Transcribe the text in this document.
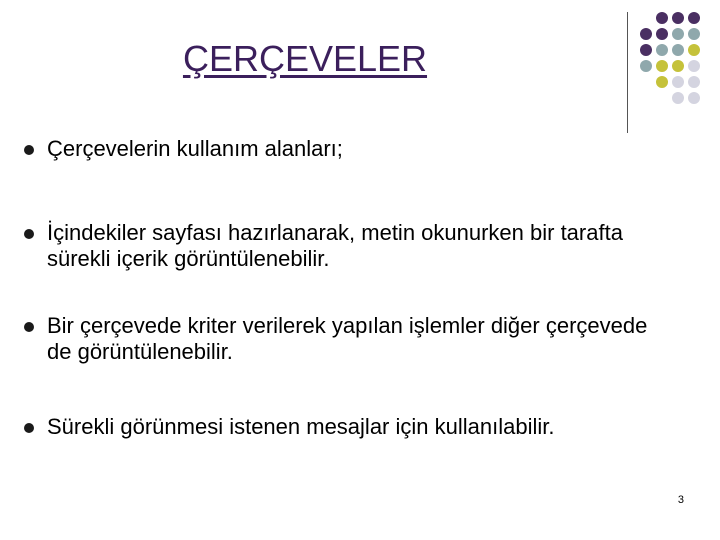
ÇERÇEVELER
Çerçevelerin kullanım alanları;
İçindekiler sayfası hazırlanarak, metin okunurken bir tarafta sürekli içerik görüntülenebilir.
Bir çerçevede kriter verilerek yapılan işlemler diğer çerçevede de görüntülenebilir.
Sürekli görünmesi istenen mesajlar için kullanılabilir.
3
